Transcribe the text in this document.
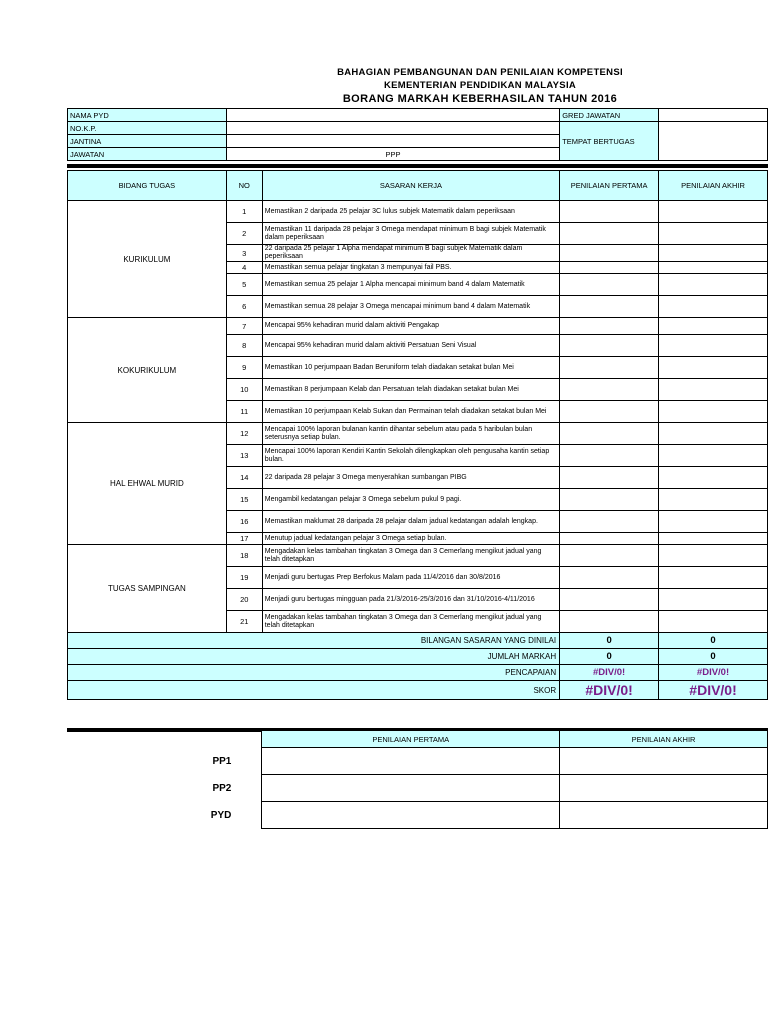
BAHAGIAN PEMBANGUNAN DAN PENILAIAN KOMPETENSI
KEMENTERIAN PENDIDIKAN MALAYSIA
BORANG MARKAH KEBERHASILAN TAHUN 2016
NAMA PYD		GRED JAWATAN	
NO.K.P.		TEMPAT BERTUGAS	
JANTINA			
JAWATAN	PPP		
BIDANG TUGAS	NO	SASARAN KERJA	PENILAIAN PERTAMA	PENILAIAN AKHIR
KURIKULUM	1	Memastikan 2 daripada 25 pelajar 3C lulus subjek Matematik dalam peperiksaan		
	2	Memastikan 11 daripada 28 pelajar 3 Omega mendapat minimum B bagi subjek Matematik dalam peperiksaan		
	3	22 daripada 25 pelajar 1 Alpha mendapat minimum B bagi subjek Matematik dalam peperiksaan		
	4	Memastikan semua pelajar tingkatan 3 mempunyai fail PBS.		
	5	Memastikan semua 25 pelajar 1 Alpha mencapai minimum band 4 dalam Matematik		
	6	Memastikan semua 28 pelajar 3 Omega mencapai minimum band 4 dalam Matematik		
KOKURIKULUM	7	Mencapai 95% kehadiran murid dalam aktiviti Pengakap		
	8	Mencapai 95% kehadiran murid dalam aktiviti Persatuan Seni Visual		
	9	Memastikan 10 perjumpaan Badan Beruniform telah diadakan setakat bulan Mei		
	10	Memastikan 8 perjumpaan Kelab dan Persatuan telah diadakan setakat bulan Mei		
	11	Memastikan 10 perjumpaan Kelab Sukan dan Permainan telah diadakan setakat bulan Mei		
HAL EHWAL MURID	12	Mencapai 100% laporan bulanan kantin dihantar sebelum atau pada 5 haribulan bulan seterusnya setiap bulan.		
	13	Mencapai 100% laporan Kendiri Kantin Sekolah dilengkapkan oleh pengusaha kantin setiap bulan.		
	14	22 daripada 28 pelajar 3 Omega menyerahkan sumbangan PIBG		
	15	Mengambil kedatangan pelajar 3 Omega sebelum pukul 9 pagi.		
	16	Memastikan maklumat 28 daripada 28 pelajar dalam jadual kedatangan adalah lengkap.		
	17	Menutup jadual kedatangan pelajar 3 Omega setiap bulan.		
TUGAS SAMPINGAN	18	Mengadakan kelas tambahan tingkatan 3 Omega dan 3 Cemerlang mengikut jadual yang telah ditetapkan		
	19	Menjadi guru bertugas Prep Berfokus Malam pada 11/4/2016 dan 30/8/2016		
	20	Menjadi guru bertugas mingguan pada 21/3/2016-25/3/2016 dan 31/10/2016-4/11/2016		
	21	Mengadakan kelas tambahan tingkatan 3 Omega dan 3 Cemerlang mengikut jadual yang telah ditetapkan		
BILANGAN SASARAN YANG DINILAI			0	0
JUMLAH MARKAH			0	0
PENCAPAIAN			#DIV/0!	#DIV/0!
SKOR			#DIV/0!	#DIV/0!
	PENILAIAN PERTAMA	PENILAIAN AKHIR
PP1		
PP2		
PYD		
